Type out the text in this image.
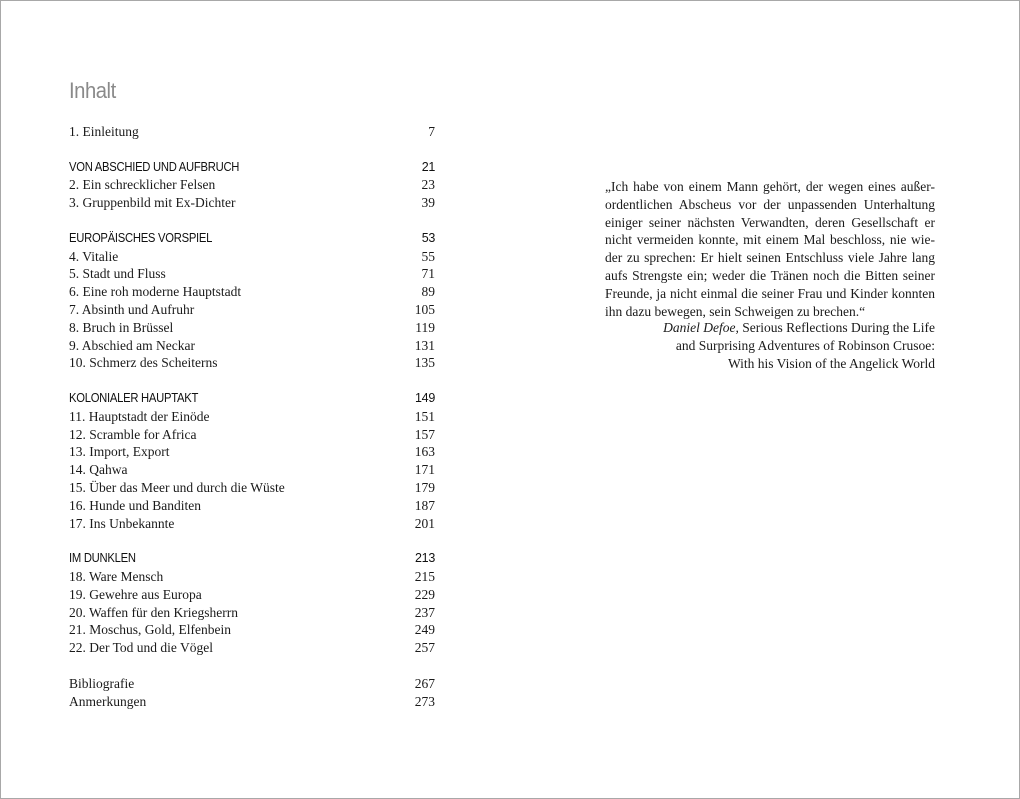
Inhalt
1. Einleitung	7
VON ABSCHIED UND AUFBRUCH	21
2. Ein schrecklicher Felsen	23
3. Gruppenbild mit Ex-Dichter	39
EUROPÄISCHES VORSPIEL	53
4. Vitalie	55
5. Stadt und Fluss	71
6. Eine roh moderne Hauptstadt	89
7. Absinth und Aufruhr	105
8. Bruch in Brüssel	119
9. Abschied am Neckar	131
10. Schmerz des Scheiterns	135
KOLONIALER HAUPTAKT	149
11. Hauptstadt der Einöde	151
12. Scramble for Africa	157
13. Import, Export	163
14. Qahwa	171
15. Über das Meer und durch die Wüste	179
16. Hunde und Banditen	187
17. Ins Unbekannte	201
IM DUNKLEN	213
18. Ware Mensch	215
19. Gewehre aus Europa	229
20. Waffen für den Kriegsherrn	237
21. Moschus, Gold, Elfenbein	249
22. Der Tod und die Vögel	257
Bibliografie	267
Anmerkungen	273
„Ich habe von einem Mann gehört, der wegen eines außer-
ordentlichen Abscheus vor der unpassenden Unterhaltung
einiger seiner nächsten Verwandten, deren Gesellschaft er
nicht vermeiden konnte, mit einem Mal beschloss, nie wie-
der zu sprechen: Er hielt seinen Entschluss viele Jahre lang
aufs Strengste ein; weder die Tränen noch die Bitten seiner
Freunde, ja nicht einmal die seiner Frau und Kinder konnten
ihn dazu bewegen, sein Schweigen zu brechen.“
Daniel Defoe, Serious Reflections During the Life
and Surprising Adventures of Robinson Crusoe:
With his Vision of the Angelick World
